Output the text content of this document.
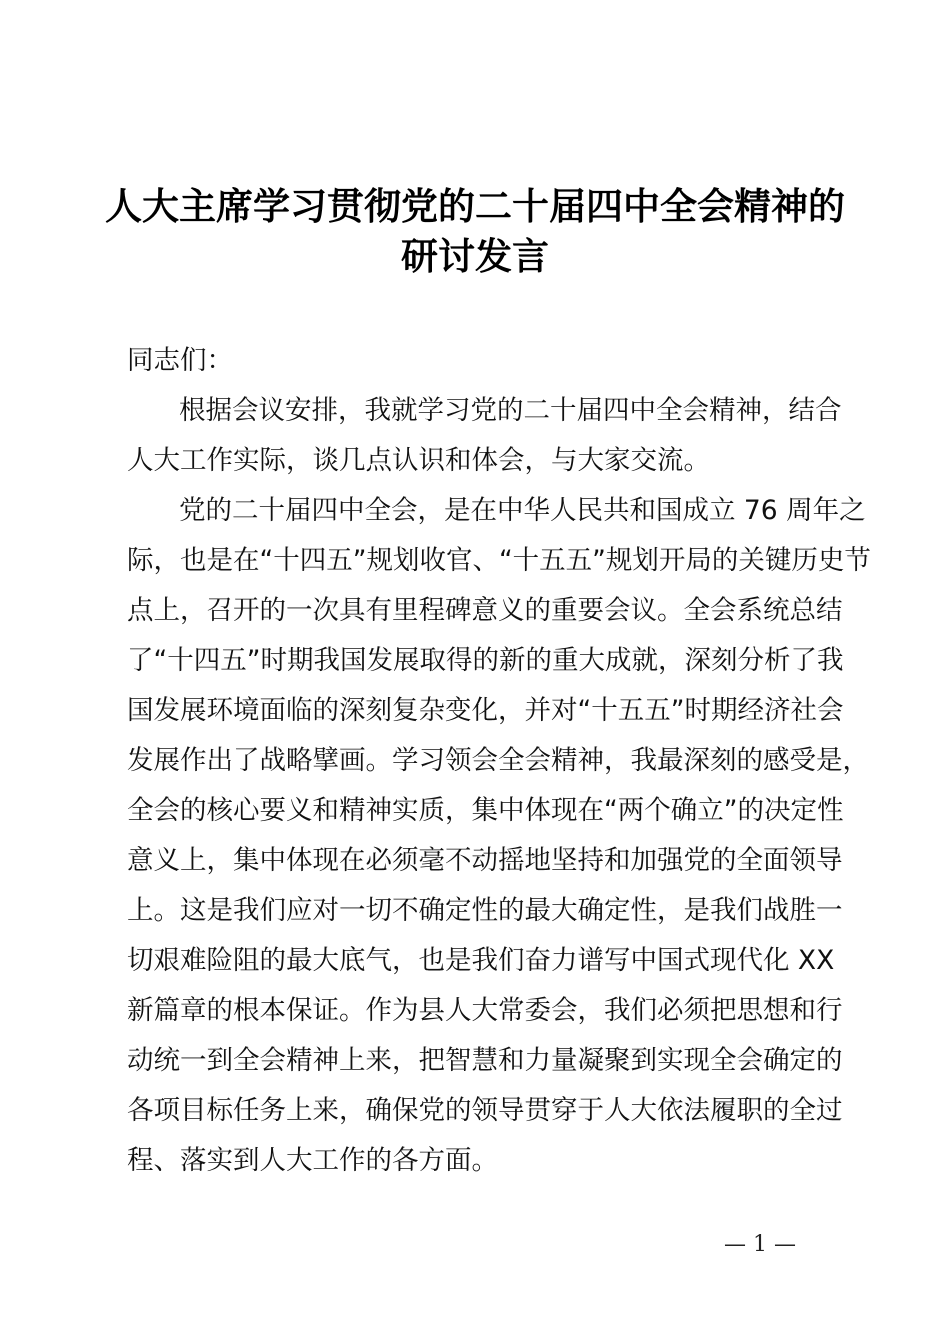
人大主席学习贯彻党的二十届四中全会精神的
研讨发言
同志们：
根据会议安排，我就学习党的二十届四中全会精神，结合
人大工作实际，谈几点认识和体会，与大家交流。
党的二十届四中全会，是在中华人民共和国成立 76 周年之
际，也是在“十四五”规划收官、“十五五”规划开局的关键历史节
点上，召开的一次具有里程碑意义的重要会议。全会系统总结
了“十四五”时期我国发展取得的新的重大成就，深刻分析了我
国发展环境面临的深刻复杂变化，并对“十五五”时期经济社会
发展作出了战略擘画。学习领会全会精神，我最深刻的感受是，
全会的核心要义和精神实质，集中体现在“两个确立”的决定性
意义上，集中体现在必须毫不动摇地坚持和加强党的全面领导
上。这是我们应对一切不确定性的最大确定性，是我们战胜一
切艰难险阻的最大底气，也是我们奋力谱写中国式现代化 XX
新篇章的根本保证。作为县人大常委会，我们必须把思想和行
动统一到全会精神上来，把智慧和力量凝聚到实现全会确定的
各项目标任务上来，确保党的领导贯穿于人大依法履职的全过
程、落实到人大工作的各方面。
— 1 —
